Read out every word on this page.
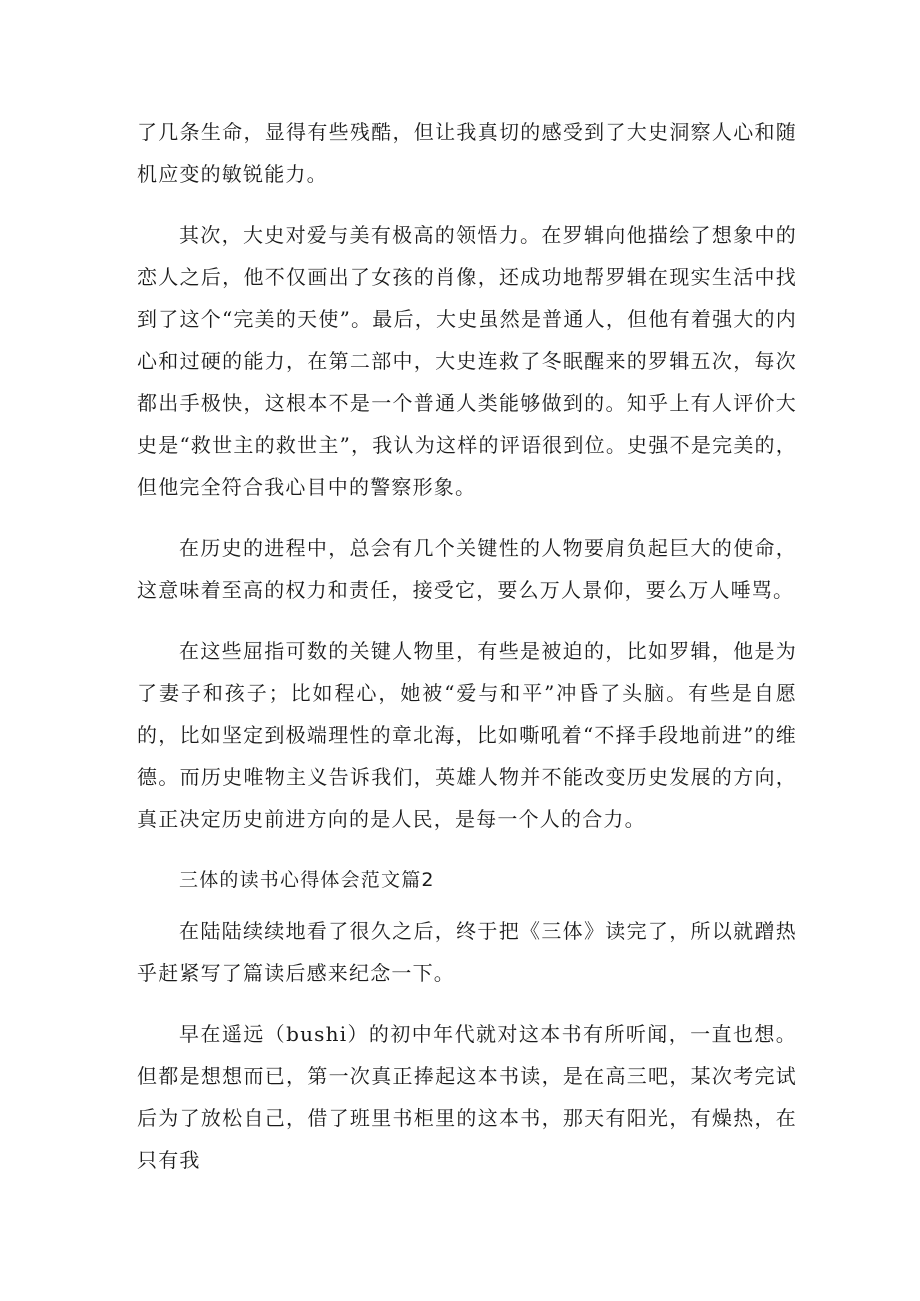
了几条生命，显得有些残酷，但让我真切的感受到了大史洞察人心和随机应变的敏锐能力。

其次，大史对爱与美有极高的领悟力。在罗辑向他描绘了想象中的恋人之后，他不仅画出了女孩的肖像，还成功地帮罗辑在现实生活中找到了这个“完美的天使”。最后，大史虽然是普通人，但他有着强大的内心和过硬的能力，在第二部中，大史连救了冬眠醒来的罗辑五次，每次都出手极快，这根本不是一个普通人类能够做到的。知乎上有人评价大史是“救世主的救世主”，我认为这样的评语很到位。史强不是完美的，但他完全符合我心目中的警察形象。

在历史的进程中，总会有几个关键性的人物要肩负起巨大的使命，这意味着至高的权力和责任，接受它，要么万人景仰，要么万人唾骂。

在这些屈指可数的关键人物里，有些是被迫的，比如罗辑，他是为了妻子和孩子；比如程心，她被“爱与和平”冲昏了头脑。有些是自愿的，比如坚定到极端理性的章北海，比如嘶吼着“不择手段地前进”的维德。而历史唯物主义告诉我们，英雄人物并不能改变历史发展的方向，真正决定历史前进方向的是人民，是每一个人的合力。

三体的读书心得体会范文篇2

在陆陆续续地看了很久之后，终于把《三体》读完了，所以就蹭热乎赶紧写了篇读后感来纪念一下。

早在遥远（bushi）的初中年代就对这本书有所听闻，一直也想。但都是想想而已，第一次真正捧起这本书读，是在高三吧，某次考完试后为了放松自己，借了班里书柜里的这本书，那天有阳光，有燥热，在只有我
